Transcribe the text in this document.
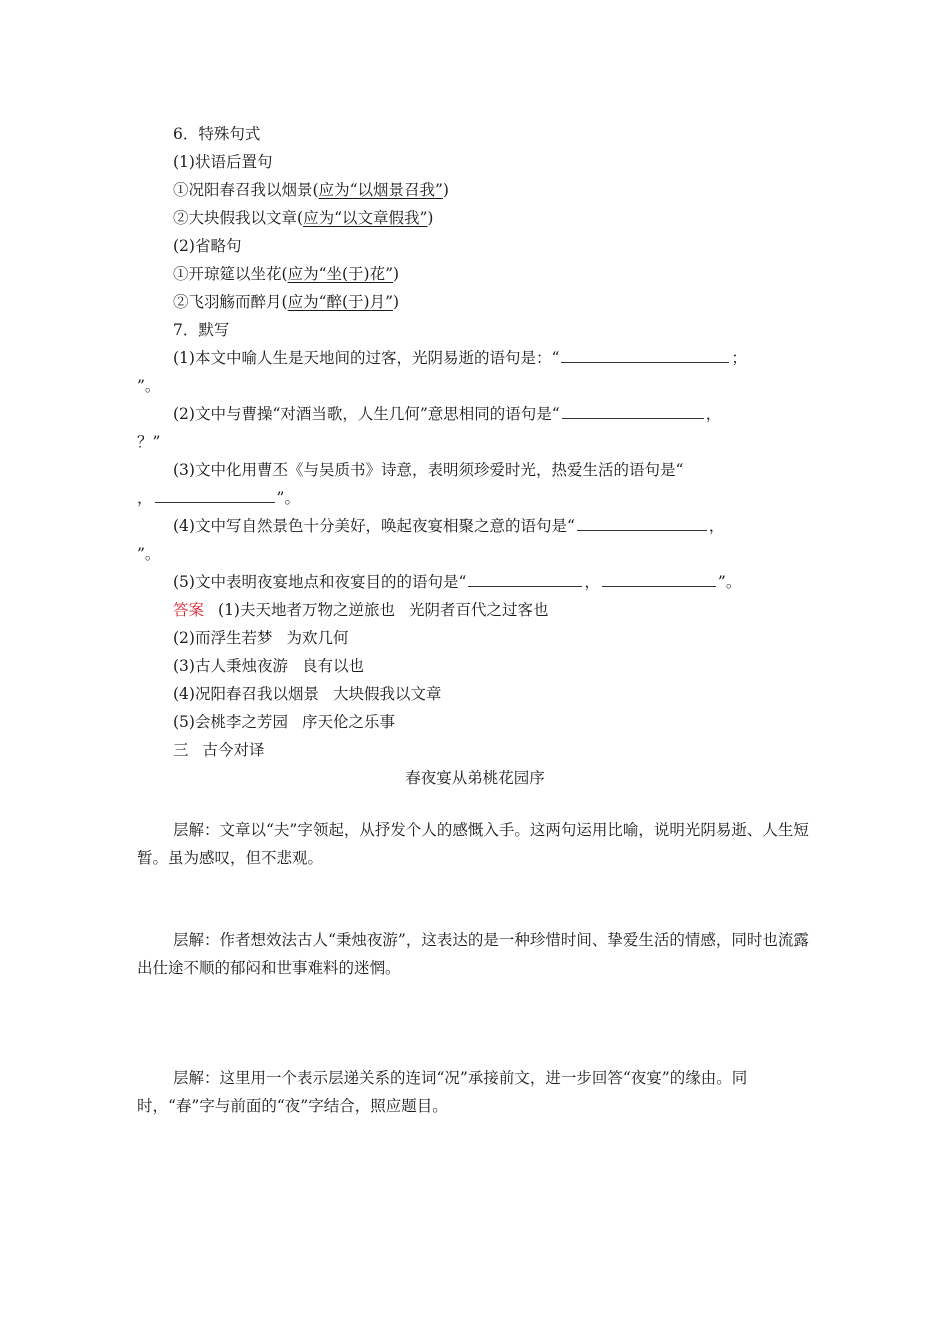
6．特殊句式
(1)状语后置句
①况阳春召我以烟景(应为“以烟景召我”)
②大块假我以文章(应为“以文章假我”)
(2)省略句
①开琼筵以坐花(应为“坐(于)花”)
②飞羽觞而醉月(应为“醉(于)月”)
7．默写
(1)本文中喻人生是天地间的过客，光阴易逝的语句是：“	；
”。
(2)文中与曹操“对酒当歌，人生几何”意思相同的语句是“	，
？”
(3)文中化用曹丕《与吴质书》诗意，表明须珍爱时光，热爱生活的语句是“
，	”。
(4)文中写自然景色十分美好，唤起夜宴相聚之意的语句是“	，
”。
(5)文中表明夜宴地点和夜宴目的的语句是“	，	”。
答案 (1)夫天地者万物之逆旅也 光阴者百代之过客也
(2)而浮生若梦 为欢几何
(3)古人秉烛夜游 良有以也
(4)况阳春召我以烟景 大块假我以文章
(5)会桃李之芳园 序天伦之乐事
三 古今对译
春夜宴从弟桃花园序
层解：文章以“夫”字领起，从抒发个人的感慨入手。这两句运用比喻，说明光阴易逝、人生短暂。虽为感叹，但不悲观。
层解：作者想效法古人“秉烛夜游”，这表达的是一种珍惜时间、挚爱生活的情感，同时也流露出仕途不顺的郁闷和世事难料的迷惘。
层解：这里用一个表示层递关系的连词“况”承接前文，进一步回答“夜宴”的缘由。同时，“春”字与前面的“夜”字结合，照应题目。
